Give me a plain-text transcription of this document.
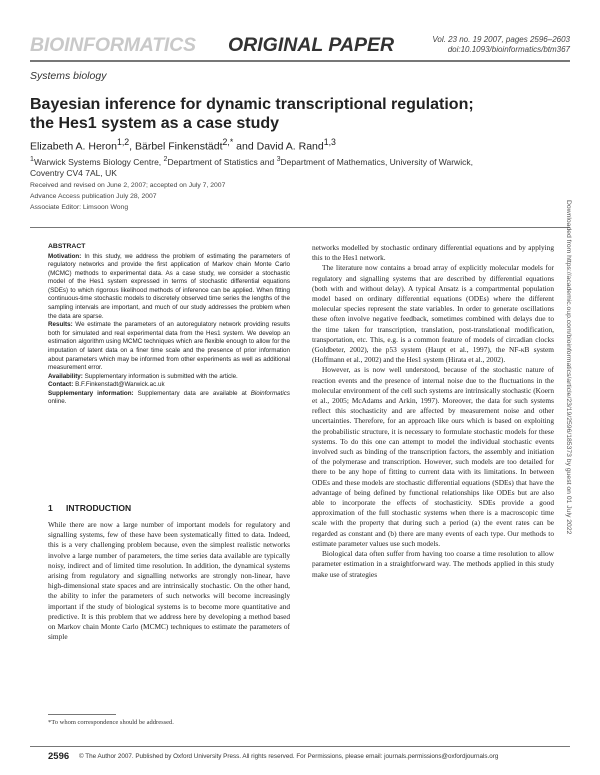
BIOINFORMATICS ORIGINAL PAPER	Vol. 23 no. 19 2007, pages 2596–2603
doi:10.1093/bioinformatics/btm367
Systems biology
Bayesian inference for dynamic transcriptional regulation;
the Hes1 system as a case study
Elizabeth A. Heron$^{1,2}$, Bärbel Finkenstädt$^{2,*}$ and David A. Rand$^{1,3}$
$^1$Warwick Systems Biology Centre, $^2$Department of Statistics and $^3$Department of Mathematics, University of Warwick,
Coventry CV4 7AL, UK
Received and revised on June 2, 2007; accepted on July 7, 2007
Advance Access publication July 28, 2007
Associate Editor: Limsoon Wong

ABSTRACT

Motivation: In this study, we address the problem of estimating the parameters of regulatory networks and provide the first application of Markov chain Monte Carlo (MCMC) methods to experimental data. As a case study, we consider a stochastic model of the Hes1 system expressed in terms of stochastic differential equations (SDEs) to which rigorous likelihood methods of inference can be applied. When fitting continuous-time stochastic models to discretely observed time series the lengths of the sampling intervals are important, and much of our study addresses the problem when the data are sparse.

Results: We estimate the parameters of an autoregulatory network providing results both for simulated and real experimental data from the Hes1 system. We develop an estimation algorithm using MCMC techniques which are flexible enough to allow for the imputation of latent data on a finer time scale and the presence of prior information about parameters which may be informed from other experiments as well as additional measurement error.

Availability: Supplementary information is submitted with the article.

Contact: B.F.Finkenstadt@Warwick.ac.uk

Supplementary information: Supplementary data are available at Bioinformatics online.

1 INTRODUCTION

While there are now a large number of important models for regulatory and signalling systems, few of these have been systematically fitted to data. Indeed, this is a very challenging problem because, even the simplest realistic networks involve a large number of parameters, the time series data available are typically noisy, indirect and of limited time resolution. In addition, the dynamical systems arising from regulatory and signalling networks are strongly non-linear, have high-dimensional state spaces and are intrinsically stochastic. On the other hand, the ability to infer the parameters of such networks will become increasingly important if the study of biological systems is to become more quantitative and predictive. It is this problem that we address here by developing a method based on Markov chain Monte Carlo (MCMC) techniques to estimate the parameters of simple

*To whom correspondence should be addressed.

networks modelled by stochastic ordinary differential equations and by applying this to the Hes1 network.

The literature now contains a broad array of explicitly molecular models for regulatory and signalling systems that are described by differential equations (both with and without delay). A typical Ansatz is a compartmental population model based on ordinary differential equations (ODEs) where the different molecular species represent the state variables. In order to generate oscillations these often involve negative feedback, sometimes combined with delays due to the time taken for transcription, translation, post-translational modification, transportation, etc. This, e.g. is a common feature of models of circadian clocks (Goldbeter, 2002), the p53 system (Haupt et al., 1997), the NF-κB system (Hoffmann et al., 2002) and the Hes1 system (Hirata et al., 2002).

However, as is now well understood, because of the stochastic nature of reaction events and the presence of internal noise due to the fluctuations in the molecular environment of the cell such systems are intrinsically stochastic (Koern et al., 2005; McAdams and Arkin, 1997). Moreover, the data for such systems reflect this stochasticity and are affected by measurement noise and other uncertainties. Therefore, for an approach like ours which is based on exploiting the probabilistic structure, it is necessary to formulate stochastic models for these systems. To do this one can attempt to model the individual stochastic events involved such as binding of the transcription factors, the assembly and initiation of the polymerase and transcription. However, such models are too detailed for there to be any hope of fitting to current data with its limitations. In between ODEs and these models are stochastic differential equations (SDEs) that have the advantage of being defined by functional relationships like ODEs but are also able to incorporate the effects of stochasticity. SDEs provide a good approximation of the full stochastic systems when there is a macroscopic time scale with the property that during such a period (a) the event rates can be regarded as constant and (b) there are many events of each type. Our methods to estimate parameter values use such models.

Biological data often suffer from having too coarse a time resolution to allow parameter estimation in a straightforward way. The methods applied in this study make use of strategies

Downloaded from https://academic.oup.com/bioinformatics/article/23/19/2596/185373 by guest on 01 July 2022
2596 © The Author 2007. Published by Oxford University Press. All rights reserved. For Permissions, please email: journals.permissions@oxfordjournals.org
